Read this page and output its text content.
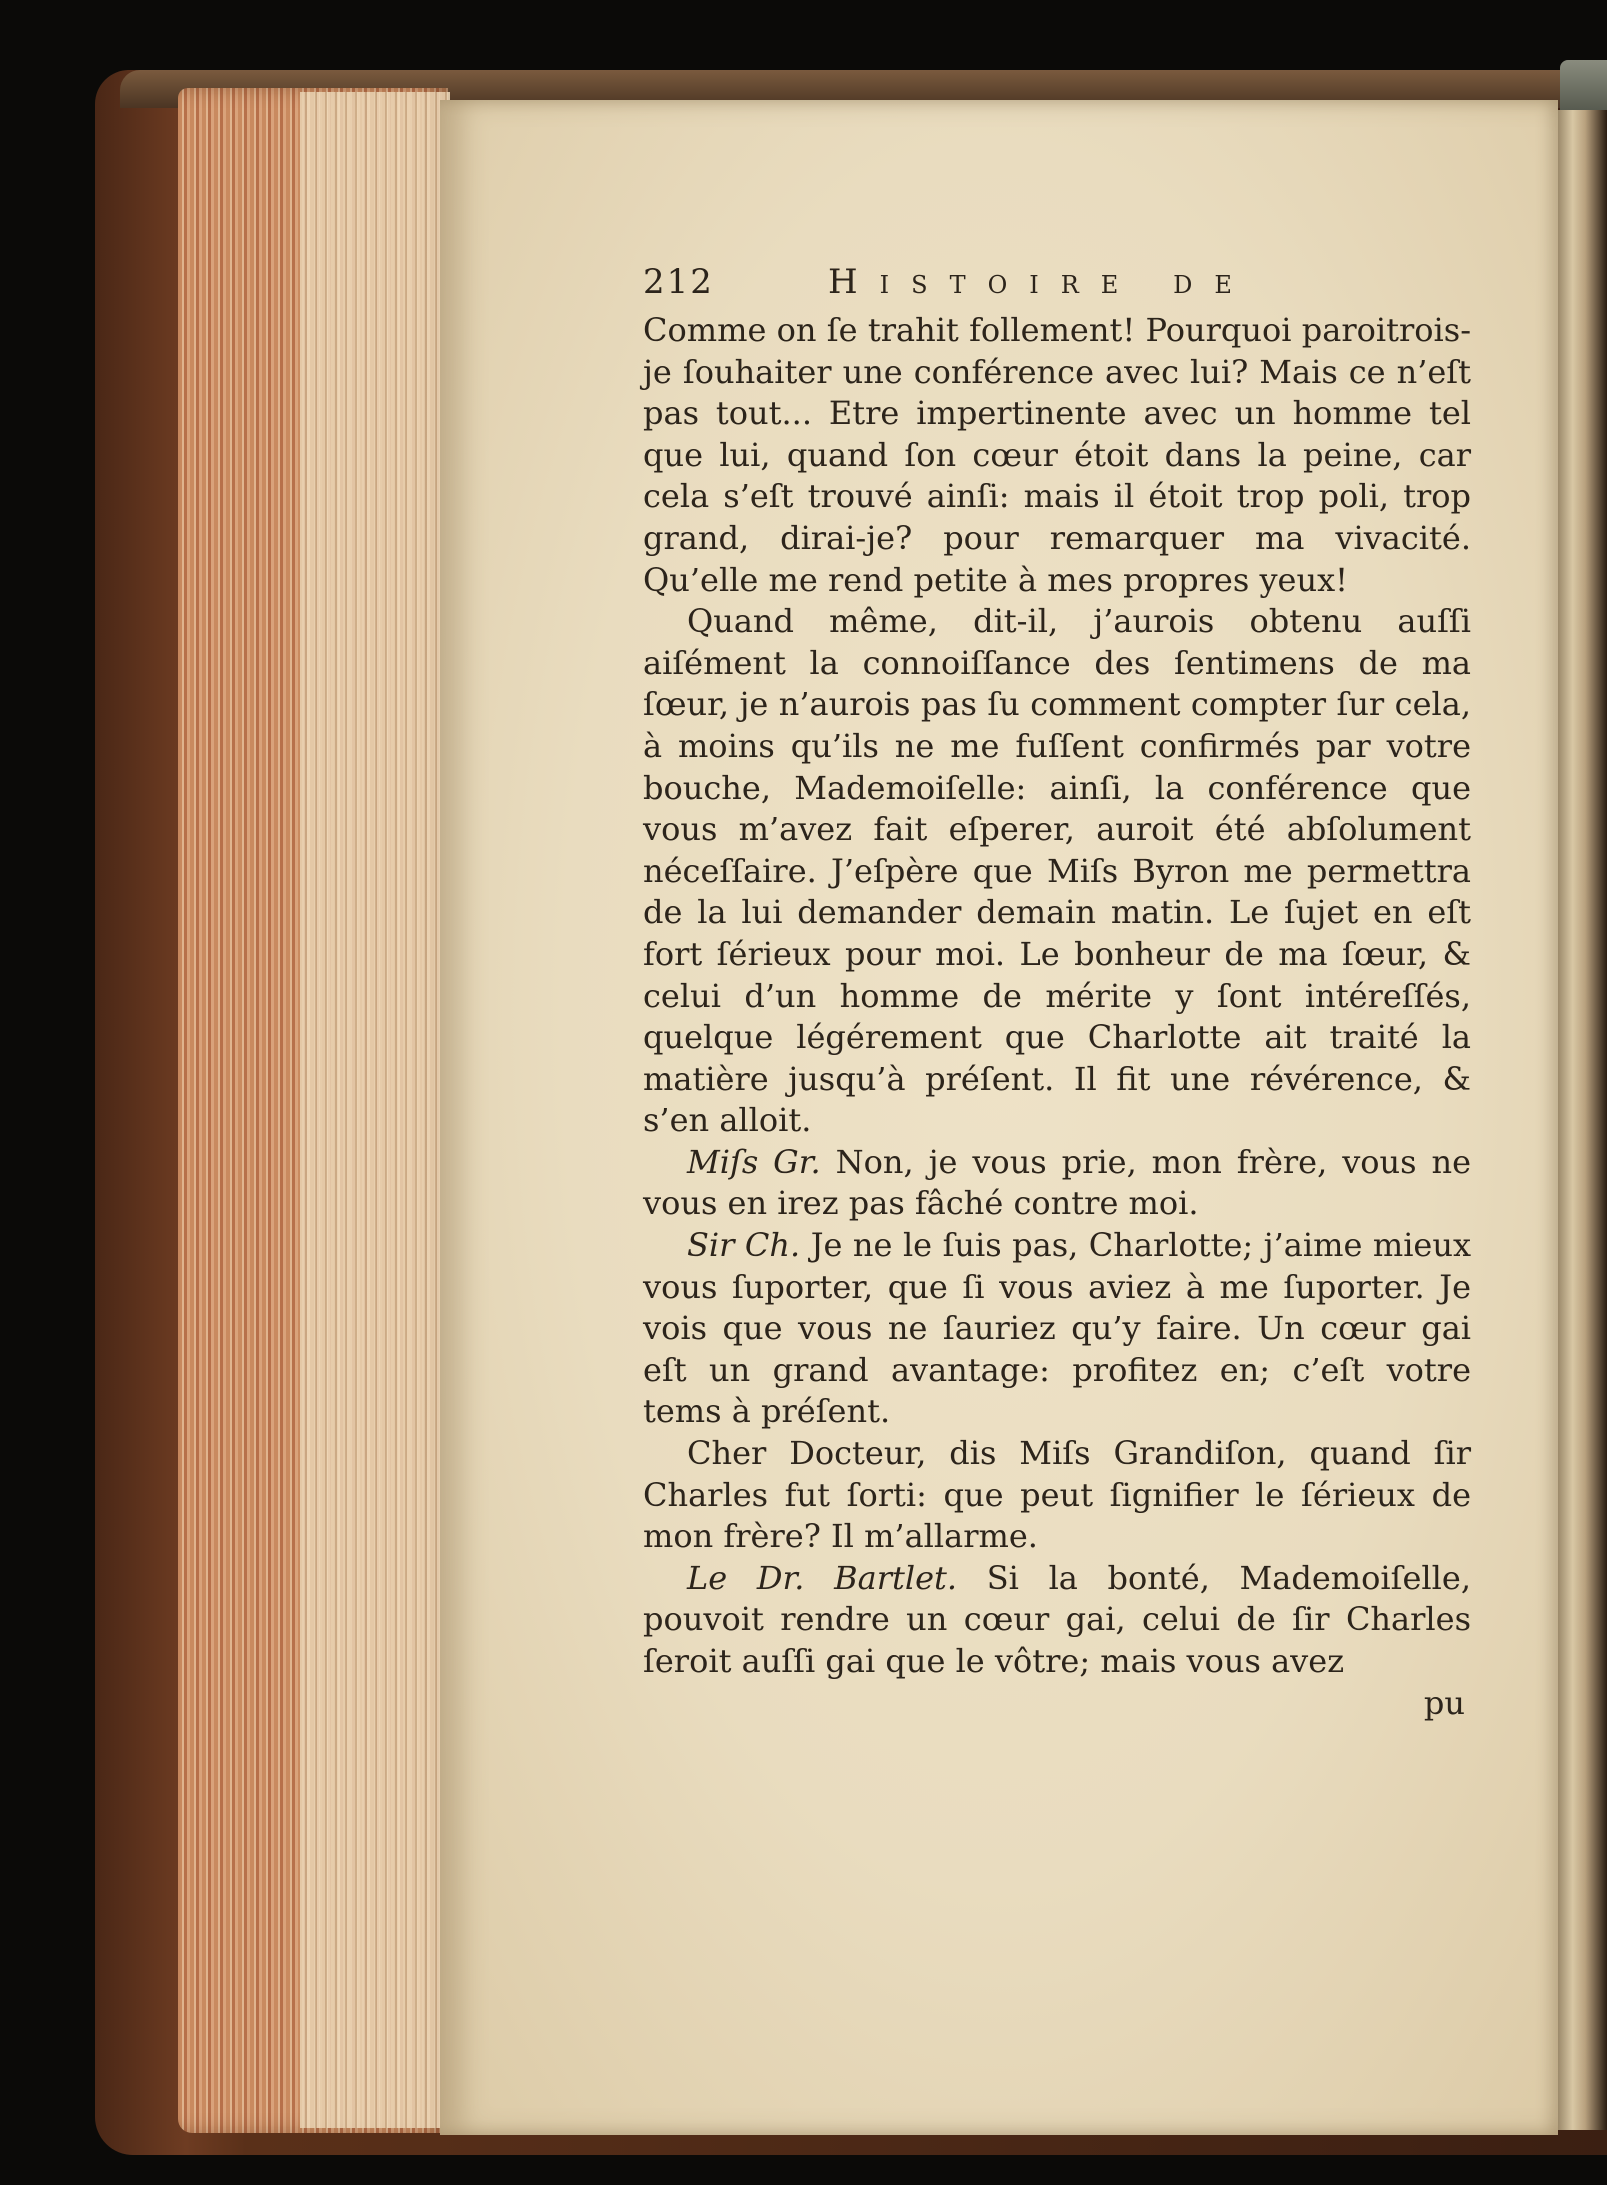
212	Histoire de

Comme on ſe trahit follement! Pourquoi paroitrois-je ſouhaiter une conférence avec lui? Mais ce n’eſt pas tout... Etre impertinente avec un homme tel que lui, quand ſon cœur étoit dans la peine, car cela s’eſt trouvé ainſi: mais il étoit trop poli, trop grand, dirai-je? pour remarquer ma vivacité. Qu’elle me rend petite à mes propres yeux!

Quand même, dit-il, j’aurois obtenu auſſi aiſément la connoiſſance des ſentimens de ma ſœur, je n’aurois pas ſu comment compter ſur cela, à moins qu’ils ne me fuſſent confirmés par votre bouche, Mademoiſelle: ainſi, la conférence que vous m’avez fait eſperer, auroit été abſolument néceſſaire. J’eſpère que Miſs Byron me permettra de la lui demander demain matin. Le ſujet en eſt fort ſérieux pour moi. Le bonheur de ma ſœur, & celui d’un homme de mérite y ſont intéreſſés, quelque légérement que Charlotte ait traité la matière jusqu’à préſent. Il fit une révérence, & s’en alloit.

Miſs Gr. Non, je vous prie, mon frère, vous ne vous en irez pas fâché contre moi.

Sir Ch. Je ne le ſuis pas, Charlotte; j’aime mieux vous ſuporter, que ſi vous aviez à me ſuporter. Je vois que vous ne ſauriez qu’y faire. Un cœur gai eſt un grand avantage: profitez en; c’eſt votre tems à préſent.

Cher Docteur, dis Miſs Grandiſon, quand ſir Charles fut ſorti: que peut ſignifier le ſérieux de mon frère? Il m’allarme.

Le Dr. Bartlet. Si la bonté, Mademoiſelle, pouvoit rendre un cœur gai, celui de ſir Charles ſeroit auſſi gai que le vôtre; mais vous avez

pu
